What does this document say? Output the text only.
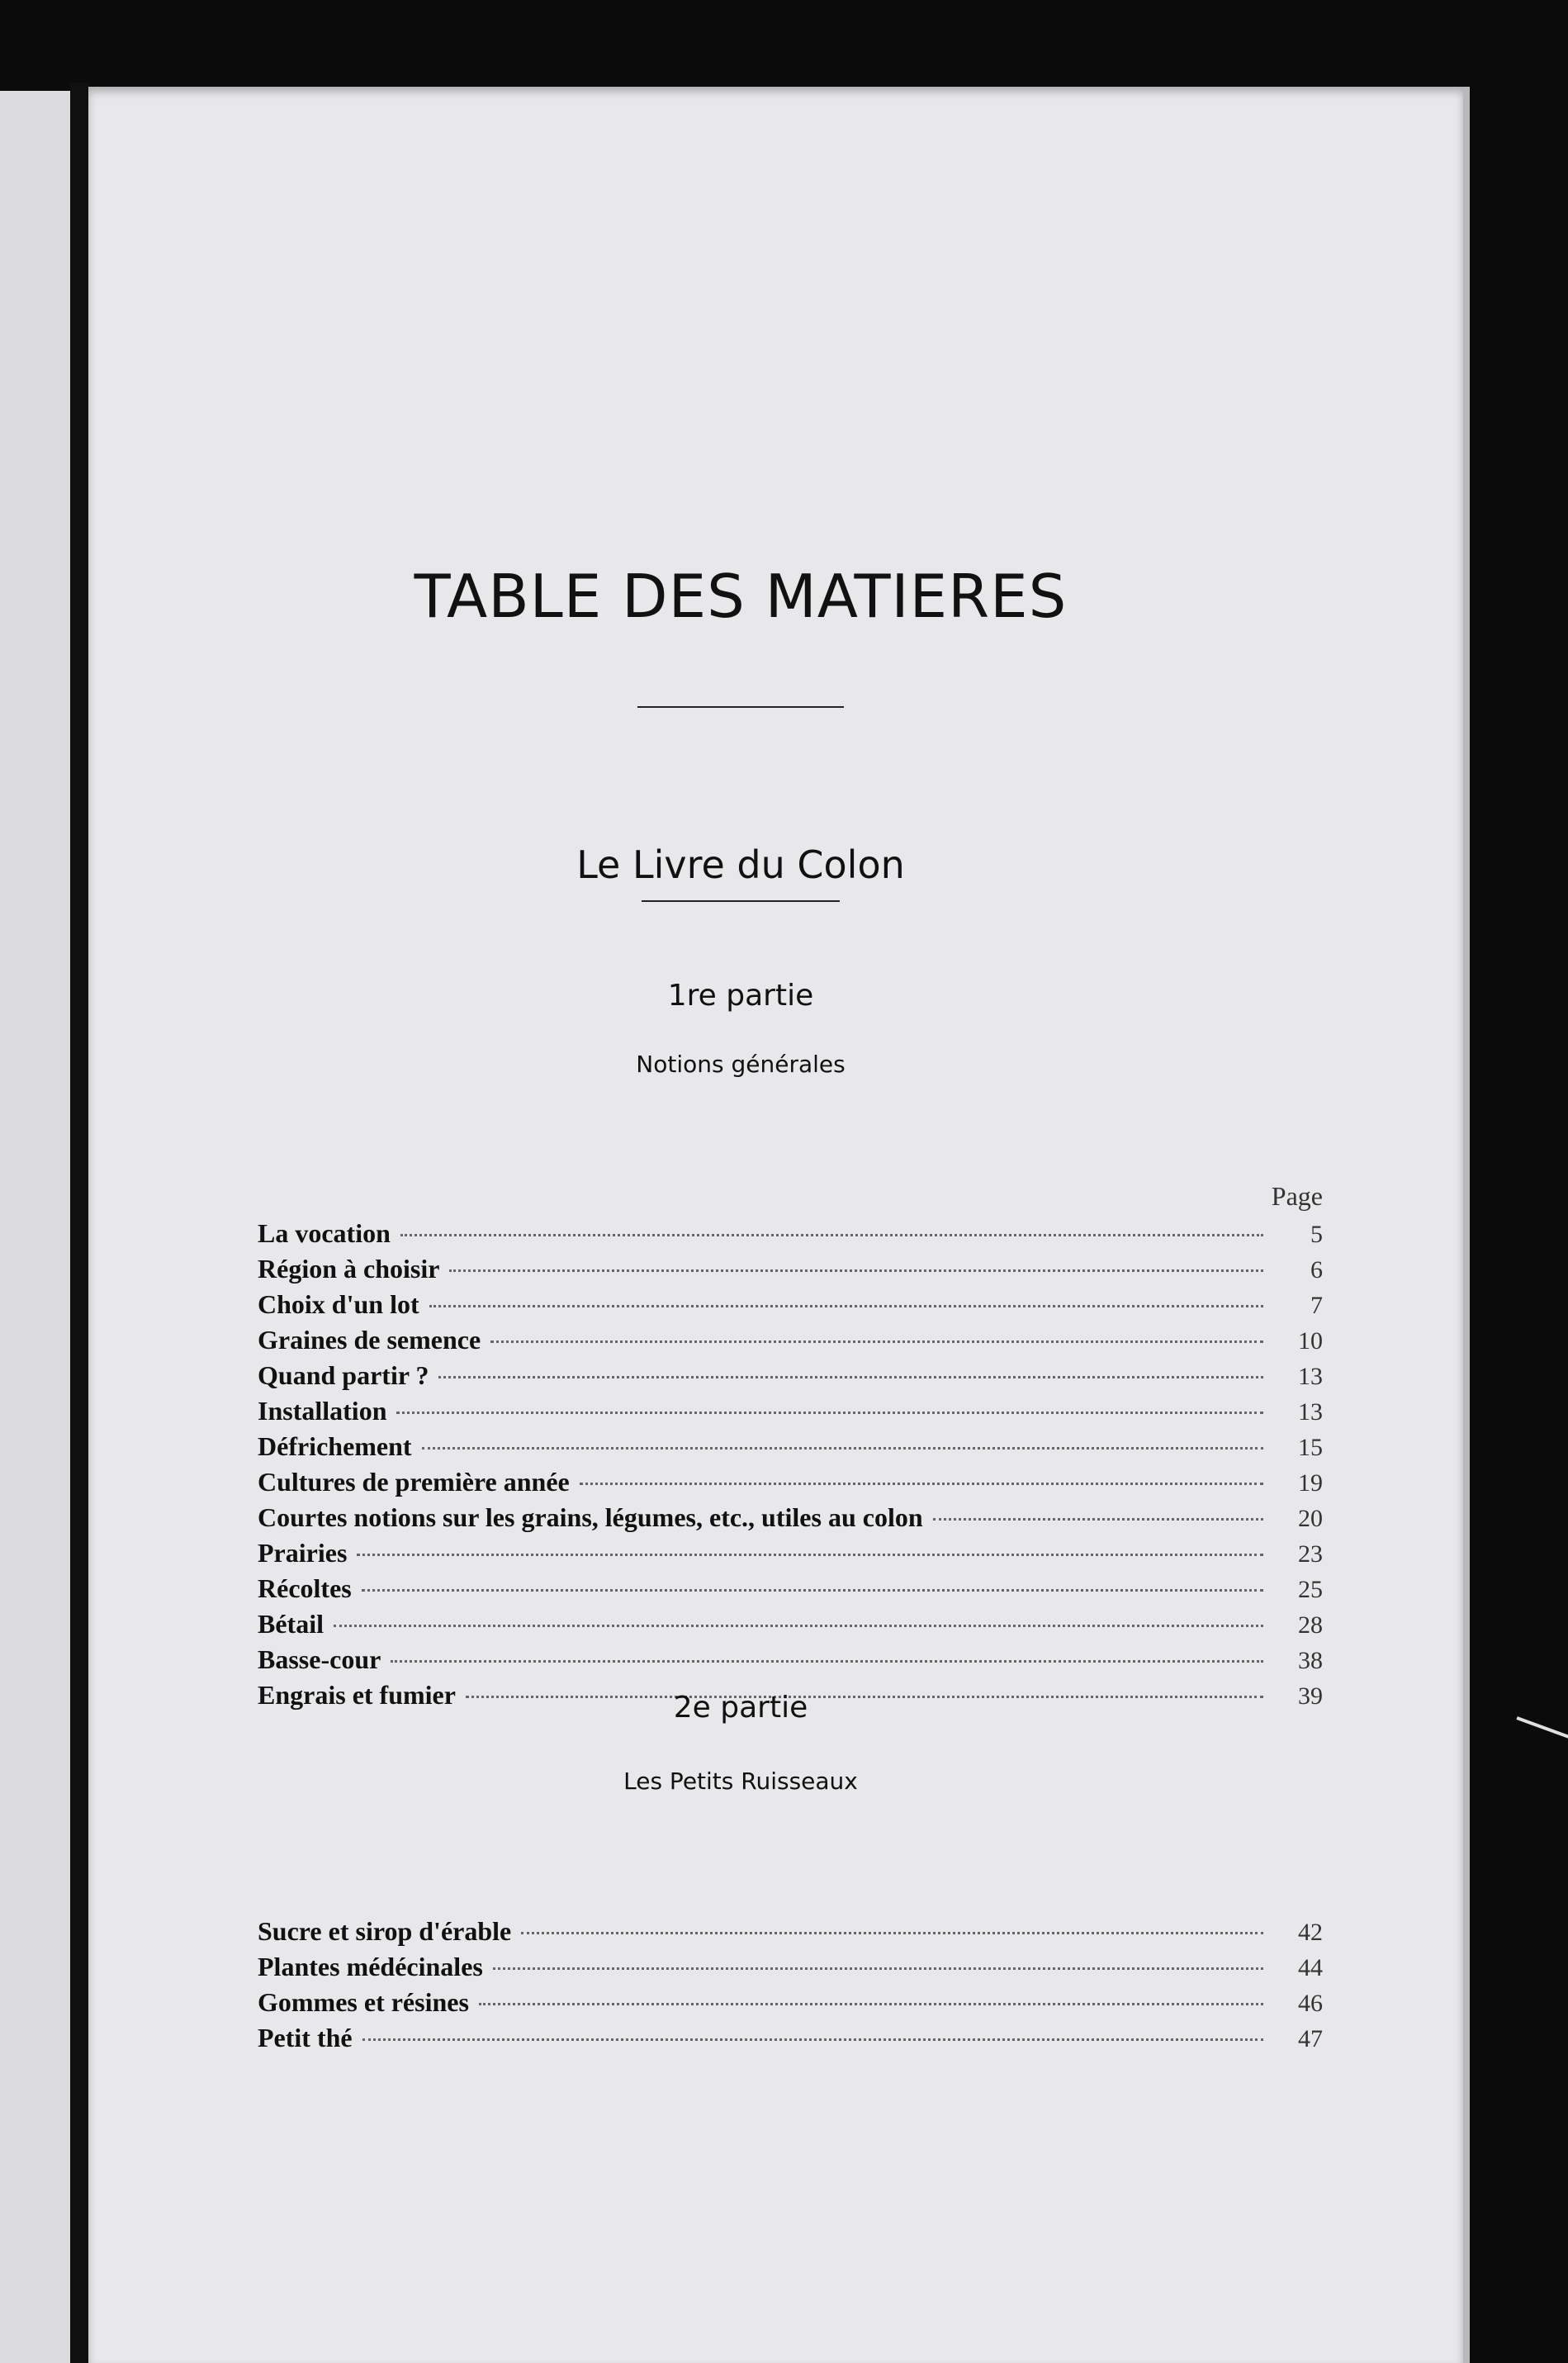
TABLE DES MATIERES
Le Livre du Colon
1re partie
Notions générales
Page
La vocation	5
Région à choisir	6
Choix d'un lot	7
Graines de semence	10
Quand partir ?	13
Installation	13
Défrichement	15
Cultures de première année	19
Courtes notions sur les grains, légumes, etc., utiles au colon	20
Prairies	23
Récoltes	25
Bétail	28
Basse-cour	38
Engrais et fumier	39
2e partie
Les Petits Ruisseaux
Sucre et sirop d'érable	42
Plantes médécinales	44
Gommes et résines	46
Petit thé	47
